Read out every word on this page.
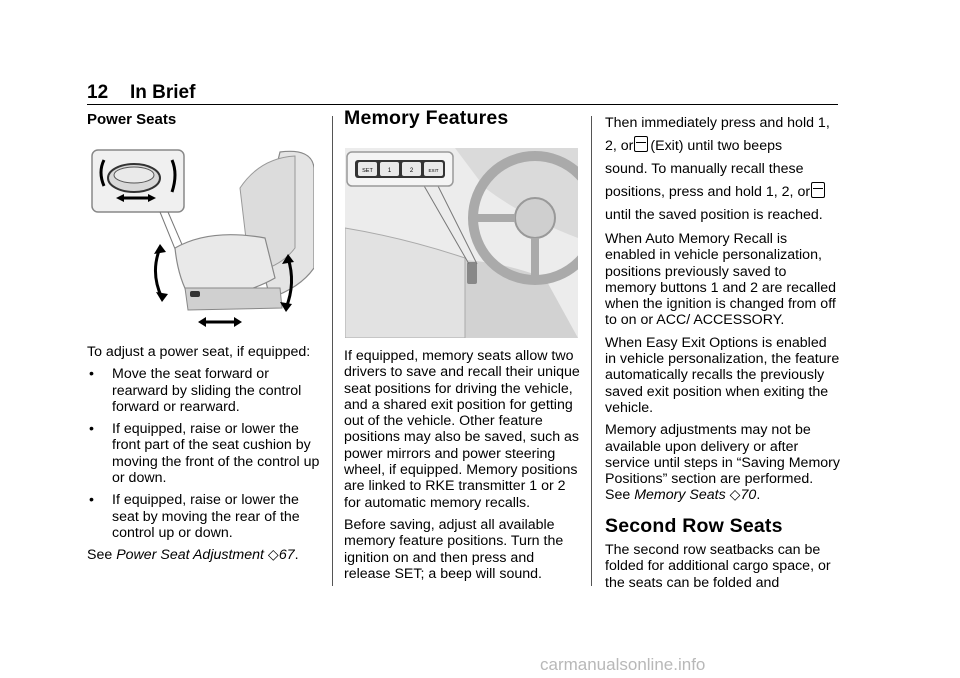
12 In Brief

Power Seats

To adjust a power seat, if equipped:

• Move the seat forward or rearward by sliding the control forward or rearward.
• If equipped, raise or lower the front part of the seat cushion by moving the front of the control up or down.
• If equipped, raise or lower the seat by moving the rear of the control up or down.

See Power Seat Adjustment ◇67.

Memory Features

SET 1	2	EXIT

If equipped, memory seats allow two drivers to save and recall their unique seat positions for driving the vehicle, and a shared exit position for getting out of the vehicle. Other feature positions may also be saved, such as power mirrors and power steering wheel, if equipped. Memory positions are linked to RKE transmitter 1 or 2 for automatic memory recalls.

Before saving, adjust all available memory feature positions. Turn the ignition on and then press and release SET; a beep will sound.

Then immediately press and hold 1,
2, or (Exit) until two beeps
sound. To manually recall these
positions, press and hold 1, 2, or
until the saved position is reached.

When Auto Memory Recall is enabled in vehicle personalization, positions previously saved to memory buttons 1 and 2 are recalled when the ignition is changed from off to on or ACC/ ACCESSORY.

When Easy Exit Options is enabled in vehicle personalization, the feature automatically recalls the previously saved exit position when exiting the vehicle.

Memory adjustments may not be available upon delivery or after service until steps in “Saving Memory Positions” section are performed. See Memory Seats ◇70.

Second Row Seats

The second row seatbacks can be folded for additional cargo space, or the seats can be folded and

carmanualsonline.info
